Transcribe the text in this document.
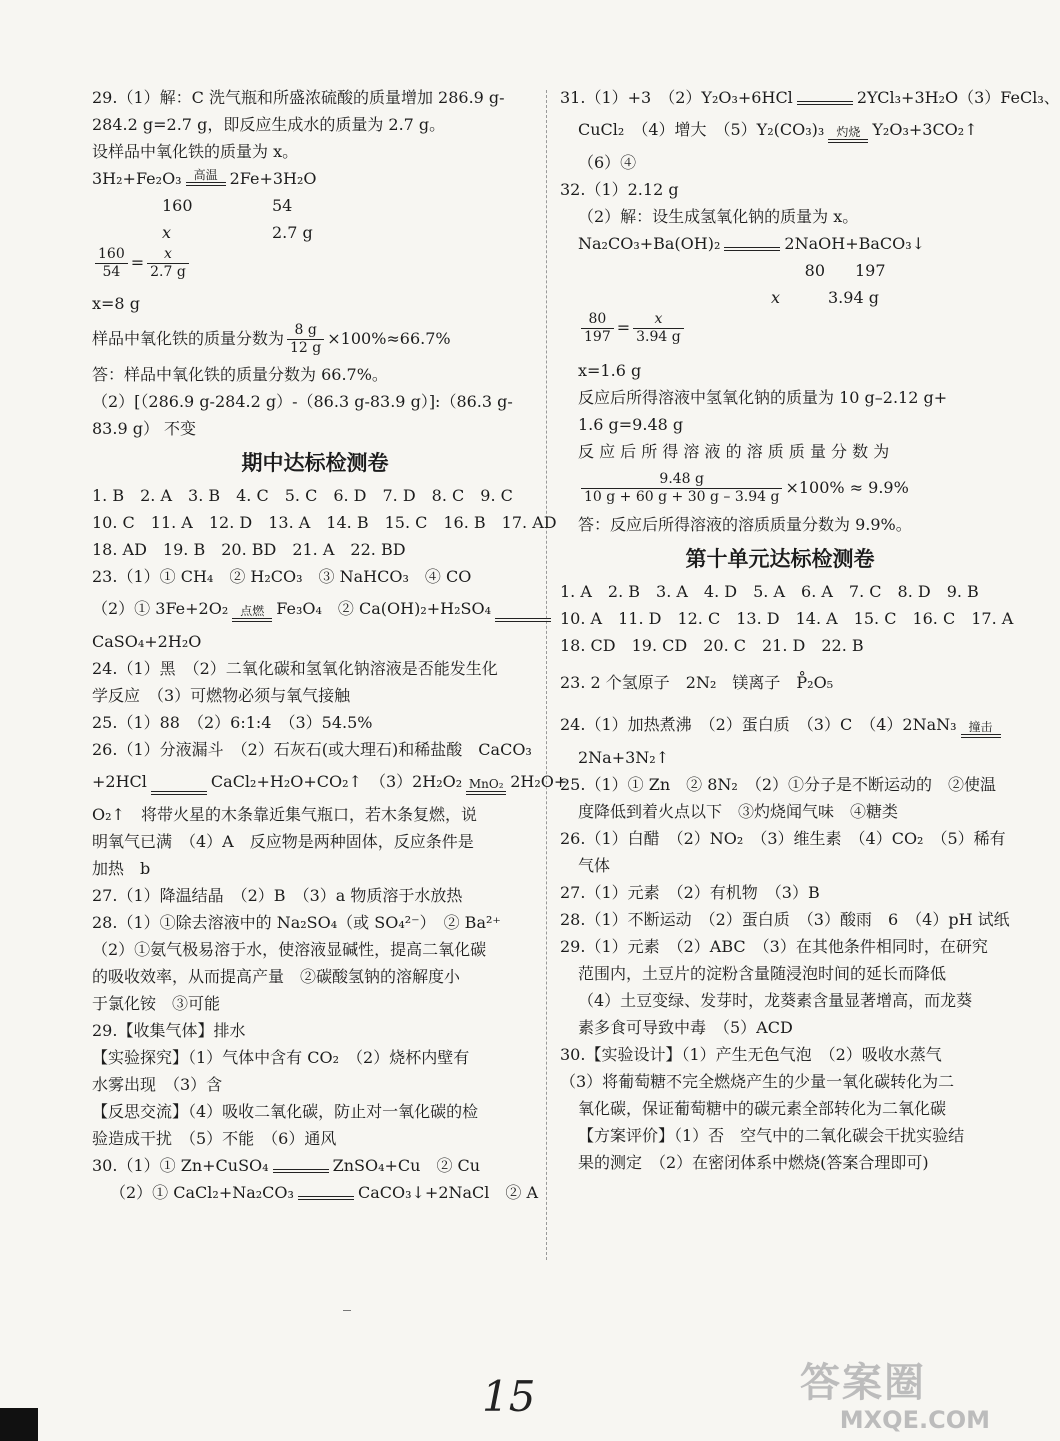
29.（1）解：C 洗气瓶和所盛浓硫酸的质量增加 286.9 g-
284.2 g=2.7 g，即反应生成水的质量为 2.7 g。
设样品中氧化铁的质量为 x。
3H₂+Fe₂O₃ 高温 2Fe+3H₂O
160	54
x	2.7 g
$\frac{160}{54} = \frac{x}{2.7 g}$
x=8 g
样品中氧化铁的质量分数为 $\frac{8 g}{12 g} \times 100\%\approx 66.7\%$
答：样品中氧化铁的质量分数为 66.7%。
（2）[（286.9 g-284.2 g）-（86.3 g-83.9 g）]:（86.3 g-
83.9 g） 不变
期中达标检测卷
1. B　2. A　3. B　4. C　5. C　6. D　7. D　8. C　9. C
10. C　11. A　12. D　13. A　14. B　15. C　16. B　17. AD
18. AD　19. B　20. BD　21. A　22. BD
23.（1）① CH₄　② H₂CO₃　③ NaHCO₃　④ CO
（2）① 3Fe+2O₂ 点燃 Fe₃O₄　② Ca(OH)₂+H₂SO₄
CaSO₄+2H₂O
24.（1）黑　（2）二氧化碳和氢氧化钠溶液是否能发生化
学反应　（3）可燃物必须与氧气接触
25.（1）88　（2）6:1:4　（3）54.5%
26.（1）分液漏斗　（2）石灰石(或大理石)和稀盐酸　CaCO₃
+2HCl	CaCl₂+H₂O+CO₂↑　（3）2H₂O₂ MnO₂ 2H₂O+
O₂↑　将带火星的木条靠近集气瓶口，若木条复燃，说
明氧气已满　（4）A　反应物是两种固体，反应条件是
加热　b
27.（1）降温结晶　（2）B　（3）a 物质溶于水放热
28.（1）①除去溶液中的 Na₂SO₄（或 SO₄²⁻）　② Ba²⁺
（2）①氨气极易溶于水，使溶液显碱性，提高二氧化碳
的吸收效率，从而提高产量　②碳酸氢钠的溶解度小
于氯化铵　③可能
29.【收集气体】排水
【实验探究】（1）气体中含有 CO₂　（2）烧杯内壁有
水雾出现　（3）含
【反思交流】（4）吸收二氧化碳，防止对一氧化碳的检
验造成干扰　（5）不能　（6）通风
30.（1）① Zn+CuSO₄	ZnSO₄+Cu　② Cu
（2）① CaCl₂+Na₂CO₃	CaCO₃↓+2NaCl　② A
31.（1）+3　（2）Y₂O₃+6HCl	2YCl₃+3H₂O（3）FeCl₃、
CuCl₂　（4）增大　（5）Y₂(CO₃)₃ 灼烧 Y₂O₃+3CO₂↑
（6）④
32.（1）2.12 g
（2）解：设生成氢氧化钠的质量为 x。
Na₂CO₃+Ba(OH)₂	2NaOH+BaCO₃↓
80 197
x	3.94 g
$\frac{80}{197} = \frac{x}{3.94 g}$
x=1.6 g
反应后所得溶液中氢氧化钠的质量为 10 g–2.12 g+
1.6 g=9.48 g
反 应 后 所 得 溶 液 的 溶 质 质 量 分 数 为
$\frac{9.48 g}{10 g + 60 g + 30 g - 3.94 g} \times 100\% \approx 9.9\%$
答：反应后所得溶液的溶质质量分数为 9.9%。
第十单元达标检测卷
1. A　2. B　3. A　4. D　5. A　6. A　7. C　8. D　9. B
10. A　11. D　12. C　13. D　14. A　15. C　16. C　17. A
18. CD　19. CD　20. C　21. D　22. B
23. 2 个氢原子　2N₂　镁离子　P̊₂O₅
24.（1）加热煮沸　（2）蛋白质　（3）C　（4）2NaN₃ 撞击
2Na+3N₂↑
25.（1）① Zn　② 8N₂　（2）①分子是不断运动的　②使温
度降低到着火点以下　③灼烧闻气味　④糖类
26.（1）白醋　（2）NO₂　（3）维生素　（4）CO₂　（5）稀有
气体
27.（1）元素　（2）有机物　（3）B
28.（1）不断运动　（2）蛋白质　（3）酸雨　6　（4）pH 试纸
29.（1）元素　（2）ABC　（3）在其他条件相同时，在研究
范围内，土豆片的淀粉含量随浸泡时间的延长而降低
（4）土豆变绿、发芽时，龙葵素含量显著增高，而龙葵
素多食可导致中毒　（5）ACD
30.【实验设计】（1）产生无色气泡　（2）吸收水蒸气
（3）将葡萄糖不完全燃烧产生的少量一氧化碳转化为二
氧化碳，保证葡萄糖中的碳元素全部转化为二氧化碳
【方案评价】（1）否　空气中的二氧化碳会干扰实验结
果的测定　（2）在密闭体系中燃烧(答案合理即可)
15	答案圈
MXQE.COM
